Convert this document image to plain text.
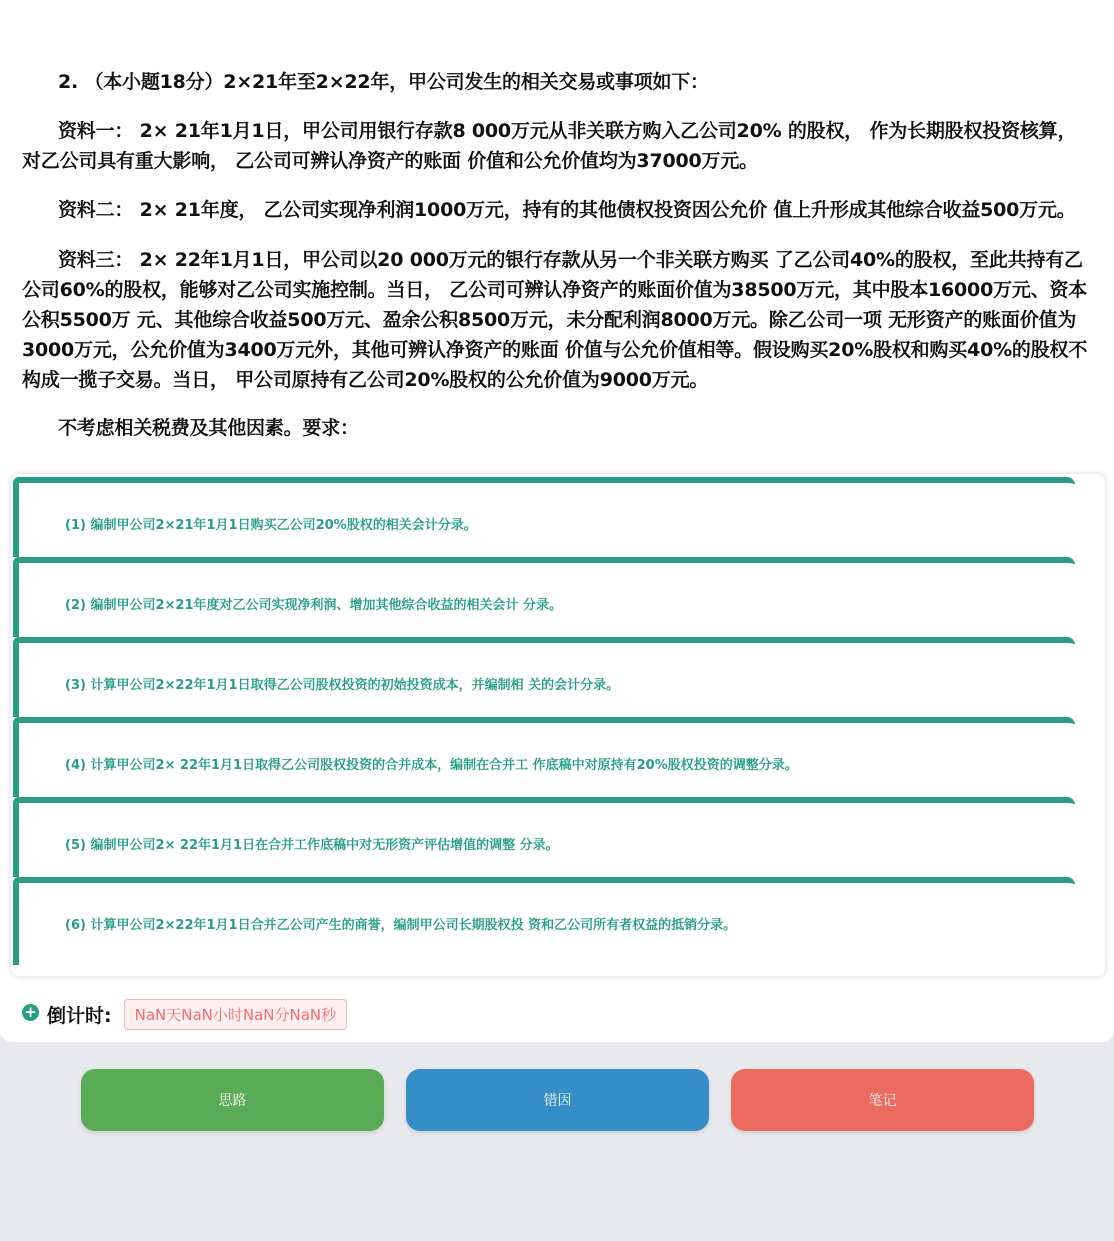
2. （本小题18分）2×21年至2×22年，甲公司发生的相关交易或事项如下：

资料一： 2× 21年1月1日，甲公司用银行存款8 000万元从非关联方购入乙公司20% 的股权， 作为长期股权投资核算， 对乙公司具有重大影响， 乙公司可辨认净资产的账面 价值和公允价值均为37000万元。

资料二： 2× 21年度， 乙公司实现净利润1000万元，持有的其他债权投资因公允价 值上升形成其他综合收益500万元。

资料三： 2× 22年1月1日，甲公司以20 000万元的银行存款从另一个非关联方购买 了乙公司40%的股权，至此共持有乙公司60%的股权，能够对乙公司实施控制。当日， 乙公司可辨认净资产的账面价值为38500万元，其中股本16000万元、资本公积5500万 元、其他综合收益500万元、盈余公积8500万元，未分配利润8000万元。除乙公司一项 无形资产的账面价值为3000万元，公允价值为3400万元外，其他可辨认净资产的账面 价值与公允价值相等。假设购买20%股权和购买40%的股权不构成一揽子交易。当日， 甲公司原持有乙公司20%股权的公允价值为9000万元。

不考虑相关税费及其他因素。要求：

(1) 编制甲公司2×21年1月1日购买乙公司20%股权的相关会计分录。
(2) 编制甲公司2×21年度对乙公司实现净利润、增加其他综合收益的相关会计 分录。
(3) 计算甲公司2×22年1月1日取得乙公司股权投资的初始投资成本，并编制相 关的会计分录。
(4) 计算甲公司2× 22年1月1日取得乙公司股权投资的合并成本，编制在合并工 作底稿中对原持有20%股权投资的调整分录。
(5) 编制甲公司2× 22年1月1日在合并工作底稿中对无形资产评估增值的调整 分录。
(6) 计算甲公司2×22年1月1日合并乙公司产生的商誉，编制甲公司长期股权投 资和乙公司所有者权益的抵销分录。
+ 倒计时:	NaN天NaN小时NaN分NaN秒
思路	错因	笔记
